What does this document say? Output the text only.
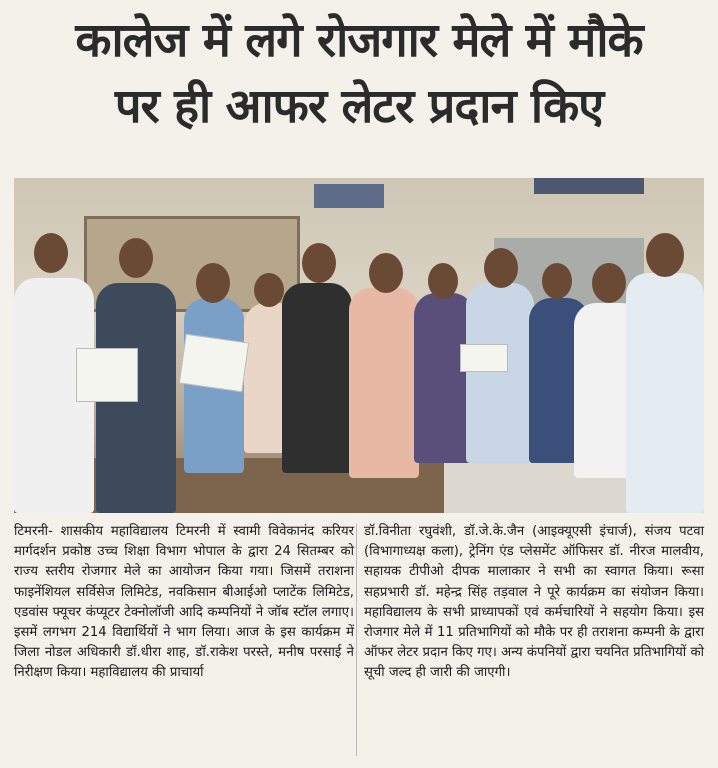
कालेज में लगे रोजगार मेले में मौके
पर ही आफर लेटर प्रदान किए
टिमरनी- शासकीय महाविद्यालय टिमरनी में स्वामी विवेकानंद करियर मार्गदर्शन प्रकोष्ठ उच्च शिक्षा विभाग भोपाल के द्वारा 24 सितम्बर को राज्य स्तरीय रोजगार मेले का आयोजन किया गया। जिसमें तराशना फाइनेंशियल सर्विसेज लिमिटेड, नवकिसान बीआईओ प्लाटेंक लिमिटेड, एडवांस फ्यूचर कंप्यूटर टेक्नोलॉजी आदि कम्पनियों ने जॉब स्टॉल लगाए। इसमें लगभग 214 विद्यार्थियों ने भाग लिया। आज के इस कार्यक्रम में जिला नोडल अधिकारी डॉ.धीरा शाह, डॉ.राकेश परस्ते, मनीष परसाई ने निरीक्षण किया। महाविद्यालय की प्राचार्या
डॉ.विनीता रघुवंशी, डॉ.जे.के.जैन (आइक्यूएसी इंचार्ज), संजय पटवा (विभागाध्यक्ष कला), ट्रेनिंग एंड प्लेसमेंट ऑफिसर डॉ. नीरज मालवीय, सहायक टीपीओ दीपक मालाकार ने सभी का स्वागत किया। रूसा सहप्रभारी डॉ. महेन्द्र सिंह तड़वाल ने पूरे कार्यक्रम का संयोजन किया। महाविद्यालय के सभी प्राध्यापकों एवं कर्मचारियों ने सहयोग किया। इस रोजगार मेले में 11 प्रतिभागियों को मौके पर ही तराशना कम्पनी के द्वारा ऑफर लेटर प्रदान किए गए। अन्य कंपनियों द्वारा चयनित प्रतिभागियों को सूची जल्द ही जारी की जाएगी।
